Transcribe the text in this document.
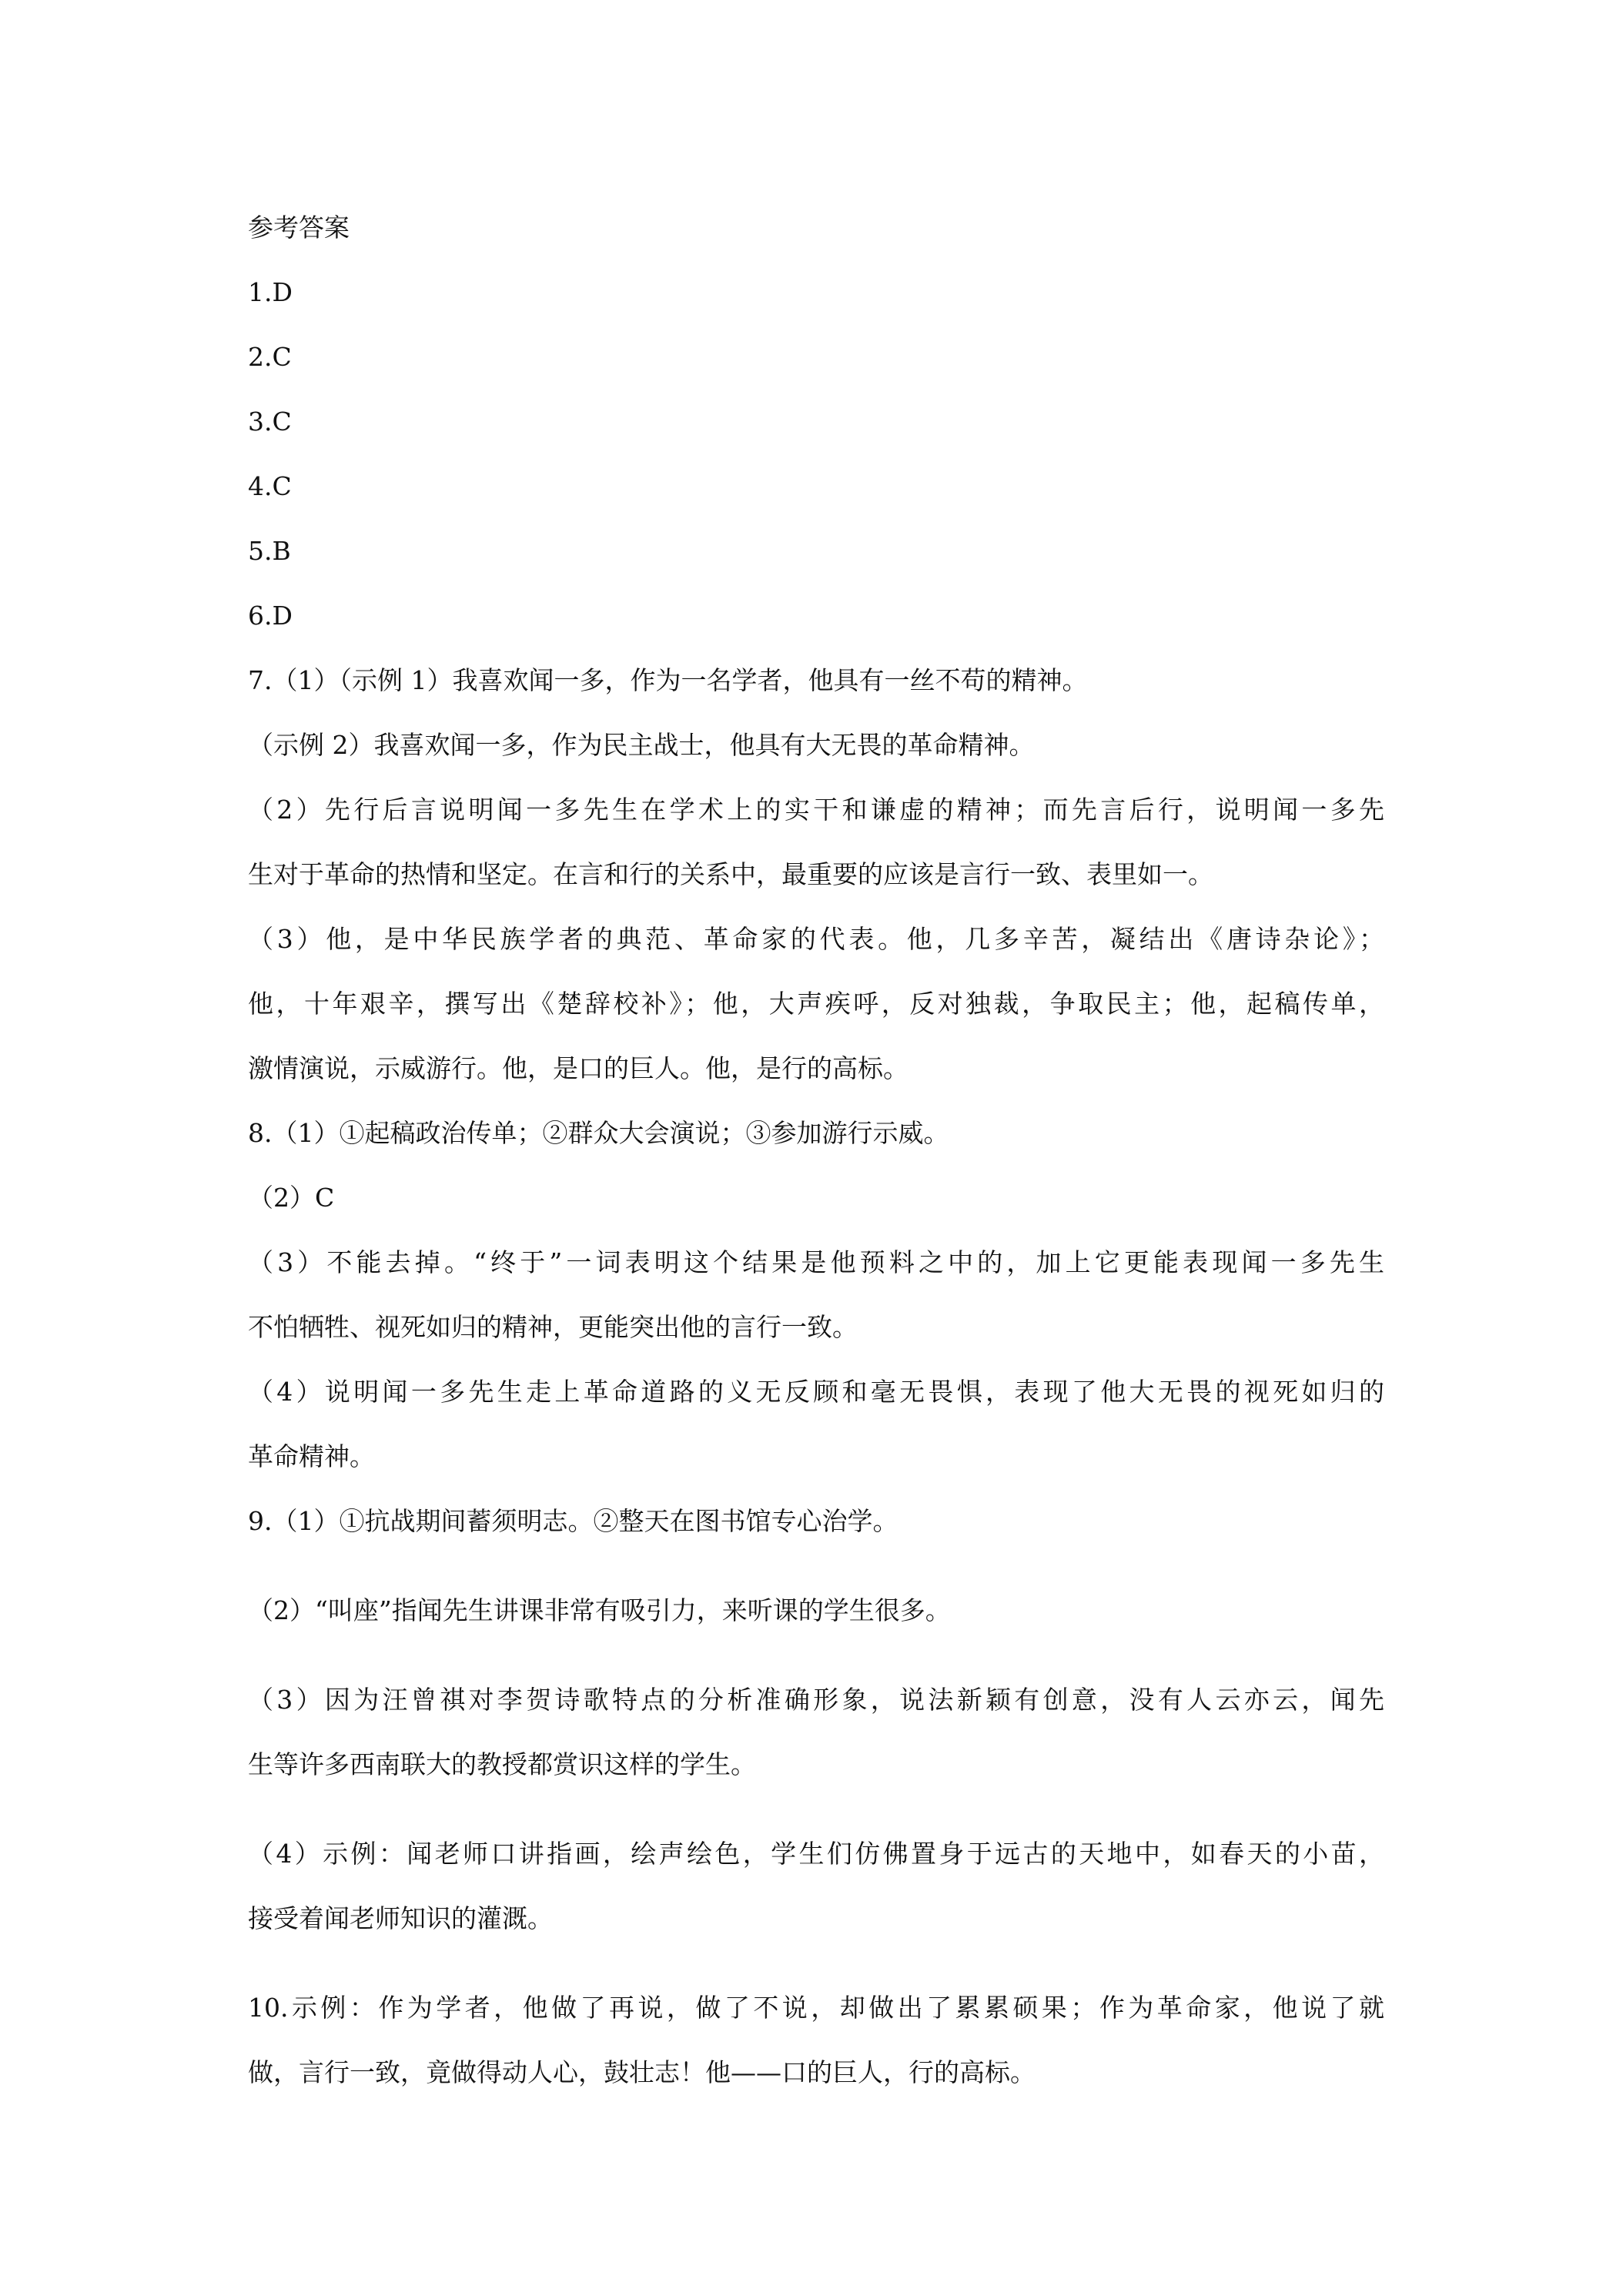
参考答案
1.D
2.C
3.C
4.C
5.B
6.D
7.（1）（示例 1）我喜欢闻一多，作为一名学者，他具有一丝不苟的精神。
（示例 2）我喜欢闻一多，作为民主战士，他具有大无畏的革命精神。
（2）先行后言说明闻一多先生在学术上的实干和谦虚的精神；而先言后行，说明闻一多先
生对于革命的热情和坚定。在言和行的关系中，最重要的应该是言行一致、表里如一。
（3）他，是中华民族学者的典范、革命家的代表。他，几多辛苦，凝结出《唐诗杂论》；
他，十年艰辛，撰写出《楚辞校补》；他，大声疾呼，反对独裁，争取民主；他，起稿传单，
激情演说，示威游行。他，是口的巨人。他，是行的高标。
8.（1）①起稿政治传单；②群众大会演说；③参加游行示威。
（2）C
（3）不能去掉。“终于”一词表明这个结果是他预料之中的，加上它更能表现闻一多先生
不怕牺牲、视死如归的精神，更能突出他的言行一致。
（4）说明闻一多先生走上革命道路的义无反顾和毫无畏惧，表现了他大无畏的视死如归的
革命精神。
9.（1）①抗战期间蓄须明志。②整天在图书馆专心治学。
（2）“叫座”指闻先生讲课非常有吸引力，来听课的学生很多。
（3）因为汪曾祺对李贺诗歌特点的分析准确形象，说法新颖有创意，没有人云亦云，闻先
生等许多西南联大的教授都赏识这样的学生。
（4）示例：闻老师口讲指画，绘声绘色，学生们仿佛置身于远古的天地中，如春天的小苗，
接受着闻老师知识的灌溉。
10.示例：作为学者，他做了再说，做了不说，却做出了累累硕果；作为革命家，他说了就
做，言行一致，竟做得动人心，鼓壮志！他——口的巨人，行的高标。
